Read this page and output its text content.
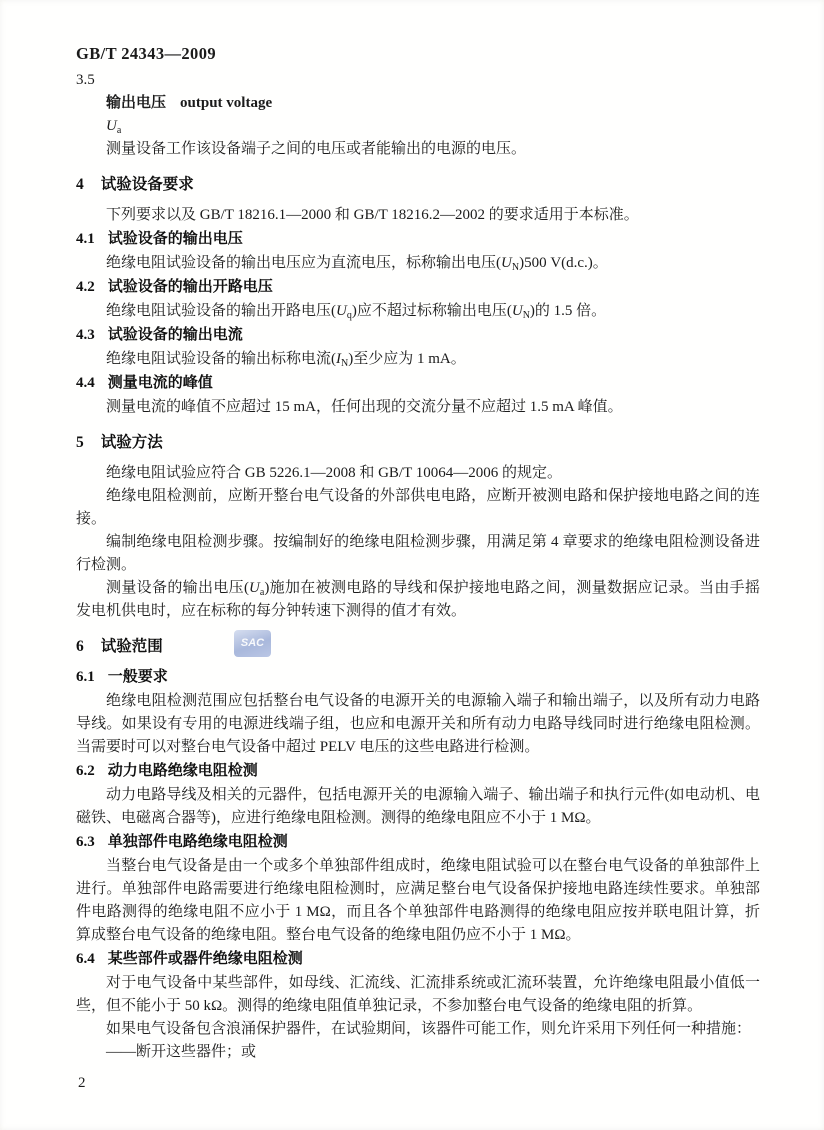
GB/T 24343—2009

3.5

输出电压 output voltage

$U_a$

测量设备工作该设备端子之间的电压或者能输出的电源的电压。

4 试验设备要求

下列要求以及 GB/T 18216.1—2000 和 GB/T 18216.2—2002 的要求适用于本标准。

4.1 试验设备的输出电压

绝缘电阻试验设备的输出电压应为直流电压，标称输出电压$(U_N)500$ V(d.c.)。

4.2 试验设备的输出开路电压

绝缘电阻试验设备的输出开路电压$(U_q)$应不超过标称输出电压$(U_N)$的 1.5 倍。

4.3 试验设备的输出电流

绝缘电阻试验设备的输出标称电流$(I_N)$至少应为 1 mA。

4.4 测量电流的峰值

测量电流的峰值不应超过 15 mA，任何出现的交流分量不应超过 1.5 mA 峰值。

5 试验方法

绝缘电阻试验应符合 GB 5226.1—2008 和 GB/T 10064—2006 的规定。

绝缘电阻检测前，应断开整台电气设备的外部供电电路，应断开被测电路和保护接地电路之间的连接。

编制绝缘电阻检测步骤。按编制好的绝缘电阻检测步骤，用满足第 4 章要求的绝缘电阻检测设备进行检测。

测量设备的输出电压$(U_a)$施加在被测电路的导线和保护接地电路之间，测量数据应记录。当由手摇发电机供电时，应在标称的每分钟转速下测得的值才有效。

6 试验范围	SAC

6.1 一般要求

绝缘电阻检测范围应包括整台电气设备的电源开关的电源输入端子和输出端子，以及所有动力电路导线。如果设有专用的电源进线端子组，也应和电源开关和所有动力电路导线同时进行绝缘电阻检测。当需要时可以对整台电气设备中超过 PELV 电压的这些电路进行检测。

6.2 动力电路绝缘电阻检测

动力电路导线及相关的元器件，包括电源开关的电源输入端子、输出端子和执行元件(如电动机、电磁铁、电磁离合器等)，应进行绝缘电阻检测。测得的绝缘电阻应不小于 1 MΩ。

6.3 单独部件电路绝缘电阻检测

当整台电气设备是由一个或多个单独部件组成时，绝缘电阻试验可以在整台电气设备的单独部件上进行。单独部件电路需要进行绝缘电阻检测时，应满足整台电气设备保护接地电路连续性要求。单独部件电路测得的绝缘电阻不应小于 1 MΩ，而且各个单独部件电路测得的绝缘电阻应按并联电阻计算，折算成整台电气设备的绝缘电阻。整台电气设备的绝缘电阻仍应不小于 1 MΩ。

6.4 某些部件或器件绝缘电阻检测

对于电气设备中某些部件，如母线、汇流线、汇流排系统或汇流环装置，允许绝缘电阻最小值低一些，但不能小于 50 kΩ。测得的绝缘电阻值单独记录，不参加整台电气设备的绝缘电阻的折算。

如果电气设备包含浪涌保护器件，在试验期间，该器件可能工作，则允许采用下列任何一种措施：

——断开这些器件；或

2
